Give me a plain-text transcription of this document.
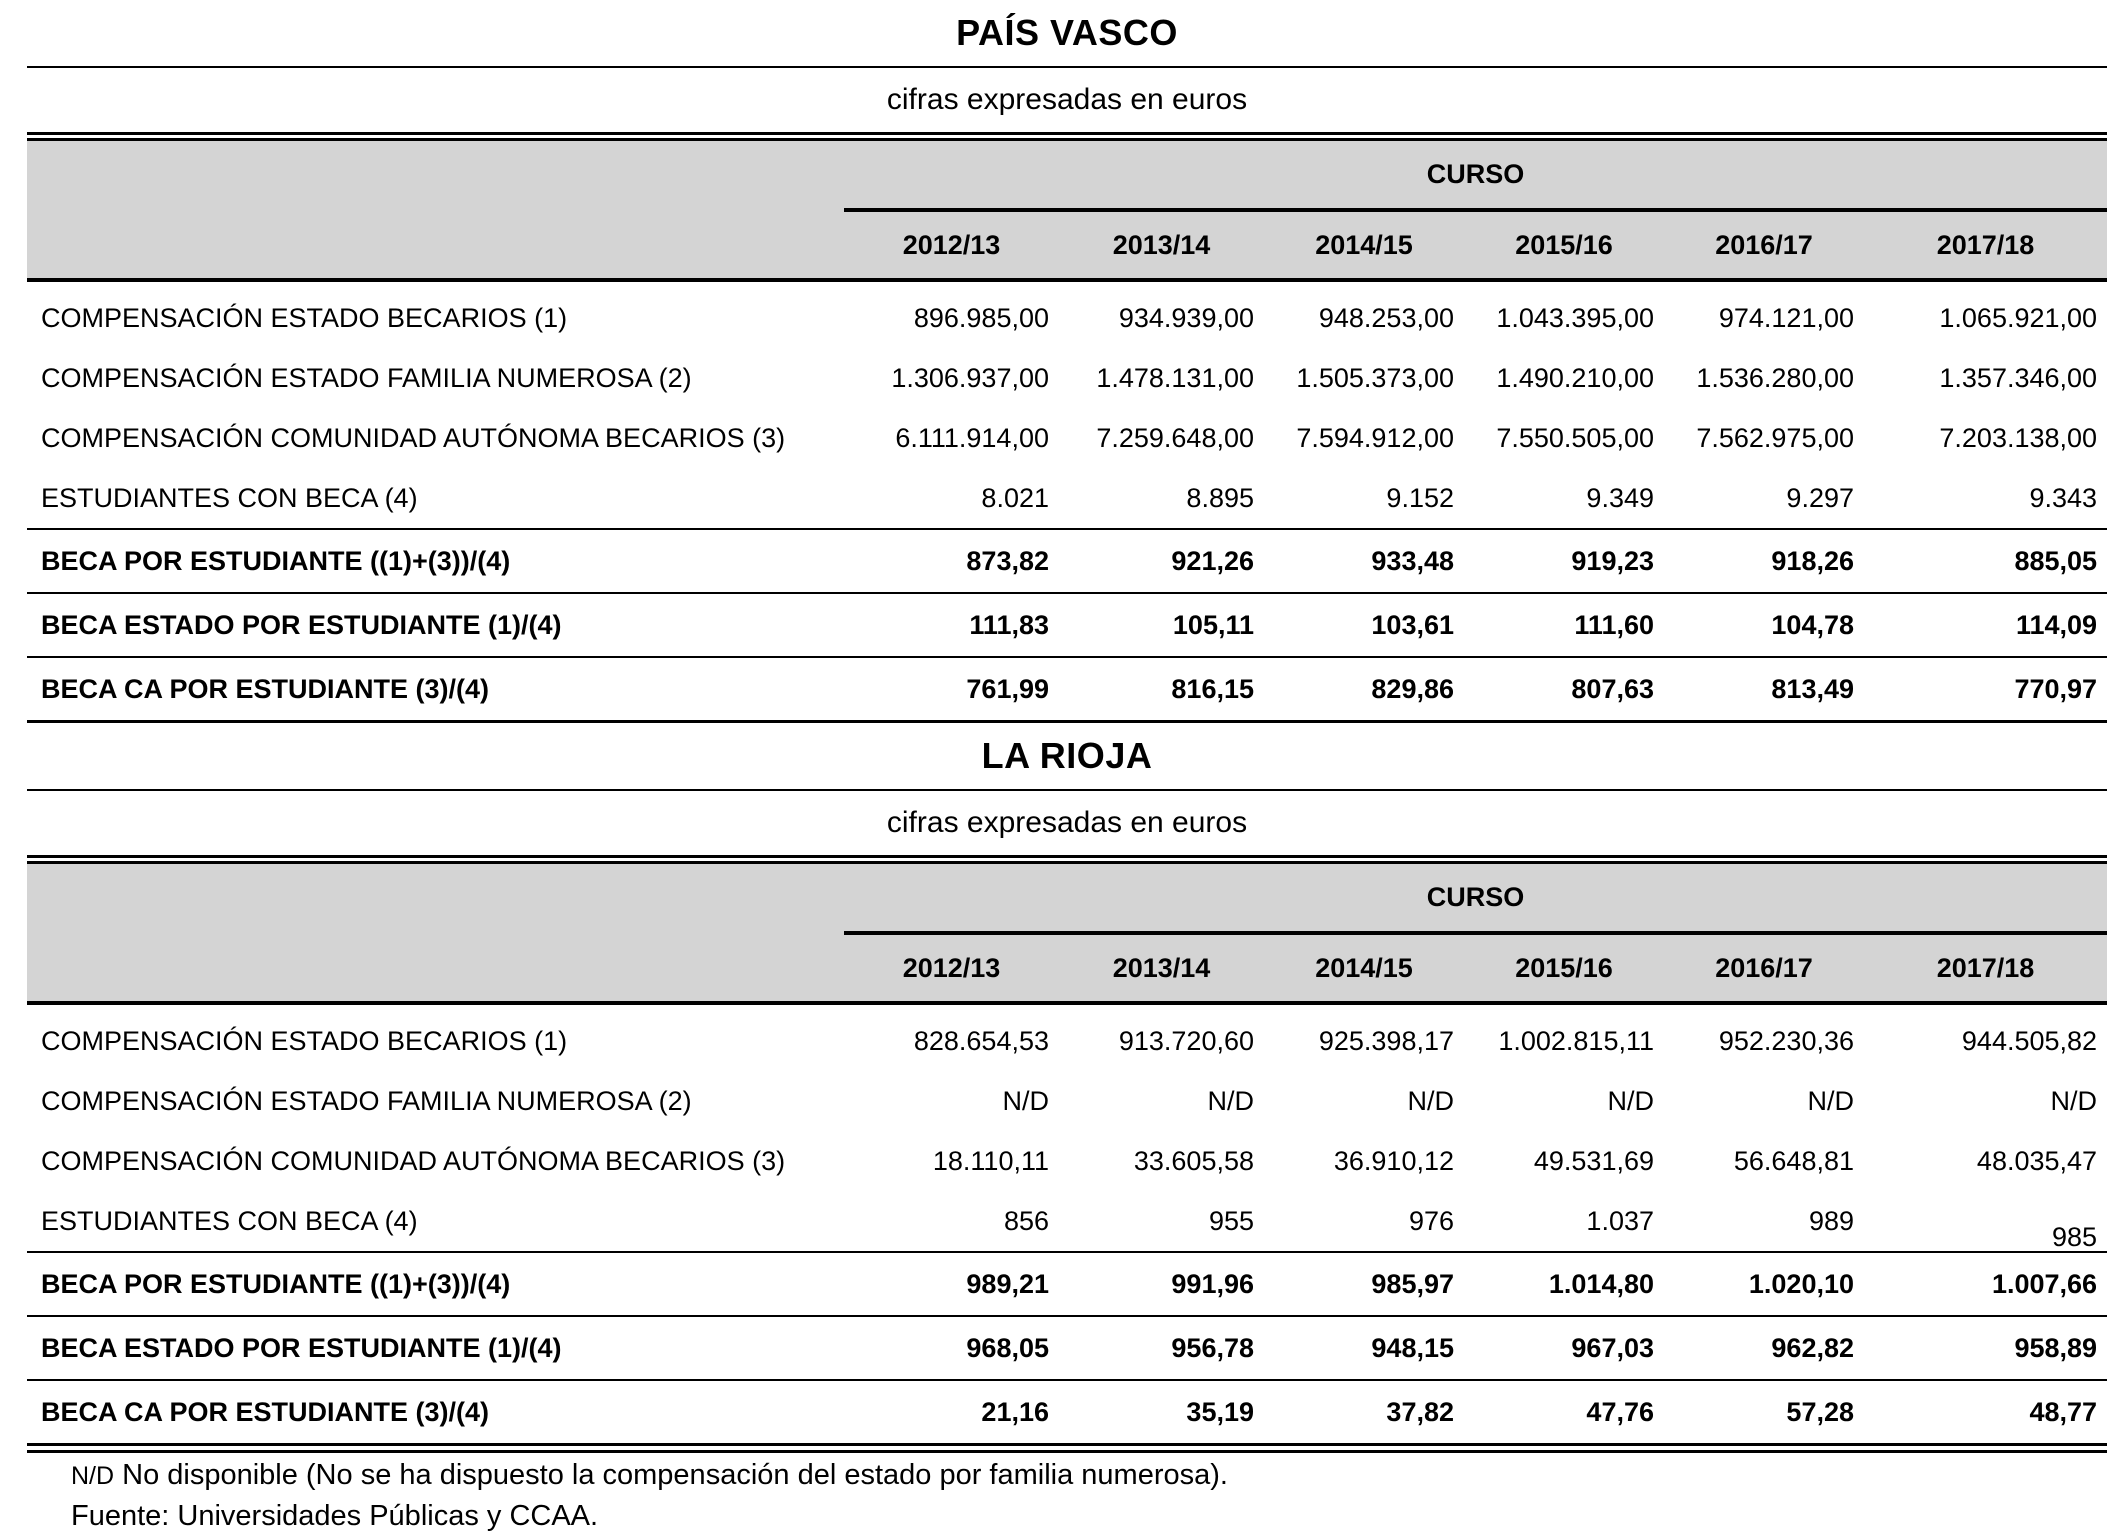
PAÍS VASCO
cifras expresadas en euros
	CURSO					
	2012/13	2013/14	2014/15	2015/16	2016/17	2017/18
COMPENSACIÓN ESTADO BECARIOS (1)	896.985,00	934.939,00	948.253,00	1.043.395,00	974.121,00	1.065.921,00
COMPENSACIÓN ESTADO FAMILIA NUMEROSA (2)	1.306.937,00	1.478.131,00	1.505.373,00	1.490.210,00	1.536.280,00	1.357.346,00
COMPENSACIÓN COMUNIDAD AUTÓNOMA BECARIOS (3)	6.111.914,00	7.259.648,00	7.594.912,00	7.550.505,00	7.562.975,00	7.203.138,00
ESTUDIANTES CON BECA (4)	8.021	8.895	9.152	9.349	9.297	9.343
BECA POR ESTUDIANTE ((1)+(3))/(4)	873,82	921,26	933,48	919,23	918,26	885,05
BECA ESTADO POR ESTUDIANTE (1)/(4)	111,83	105,11	103,61	111,60	104,78	114,09
BECA CA POR ESTUDIANTE (3)/(4)	761,99	816,15	829,86	807,63	813,49	770,97
LA RIOJA
cifras expresadas en euros
	CURSO					
	2012/13	2013/14	2014/15	2015/16	2016/17	2017/18
COMPENSACIÓN ESTADO BECARIOS (1)	828.654,53	913.720,60	925.398,17	1.002.815,11	952.230,36	944.505,82
COMPENSACIÓN ESTADO FAMILIA NUMEROSA (2)	N/D	N/D	N/D	N/D	N/D	N/D
COMPENSACIÓN COMUNIDAD AUTÓNOMA BECARIOS (3)	18.110,11	33.605,58	36.910,12	49.531,69	56.648,81	48.035,47
ESTUDIANTES CON BECA (4)	856	955	976	1.037	989	985
BECA POR ESTUDIANTE ((1)+(3))/(4)	989,21	991,96	985,97	1.014,80	1.020,10	1.007,66
BECA ESTADO POR ESTUDIANTE (1)/(4)	968,05	956,78	948,15	967,03	962,82	958,89
BECA CA POR ESTUDIANTE (3)/(4)	21,16	35,19	37,82	47,76	57,28	48,77
N/D No disponible (No se ha dispuesto la compensación del estado por familia numerosa).
Fuente: Universidades Públicas y CCAA.
